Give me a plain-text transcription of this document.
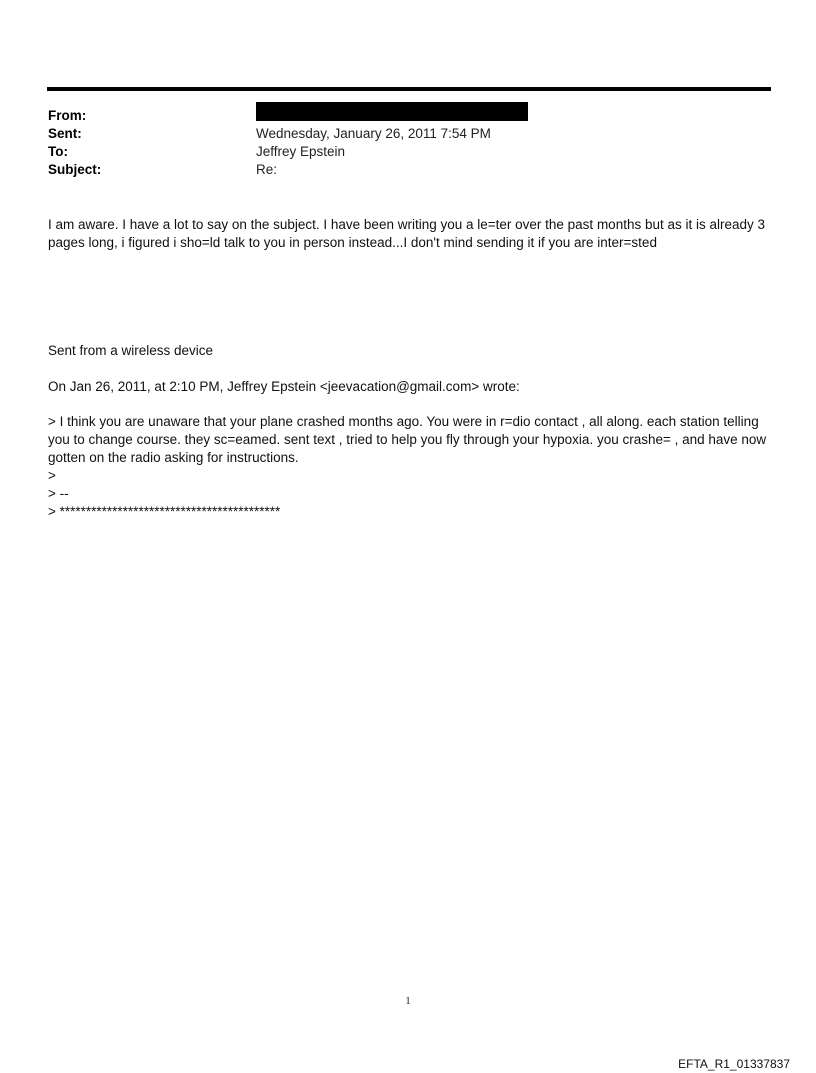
From:
Sent:	Wednesday, January 26, 2011 7:54 PM
To:	Jeffrey Epstein
Subject:	Re:

I am aware. I have a lot to say on the subject. I have been writing you a le=ter over the past months but as it is already 3 pages long, i figured i sho=ld talk to you in person instead...I don't mind sending it if you are inter=sted

Sent from a wireless device

On Jan 26, 2011, at 2:10 PM, Jeffrey Epstein <jeevacation@gmail.com> wrote:

> I think you are unaware that your plane crashed months ago. You were in r=dio contact , all along. each station telling you to change course. they sc=eamed. sent text , tried to help you fly through your hypoxia. you crashe= , and have now gotten on the radio asking for instructions.

>

> --

> ******************************************

1
EFTA_R1_01337837
